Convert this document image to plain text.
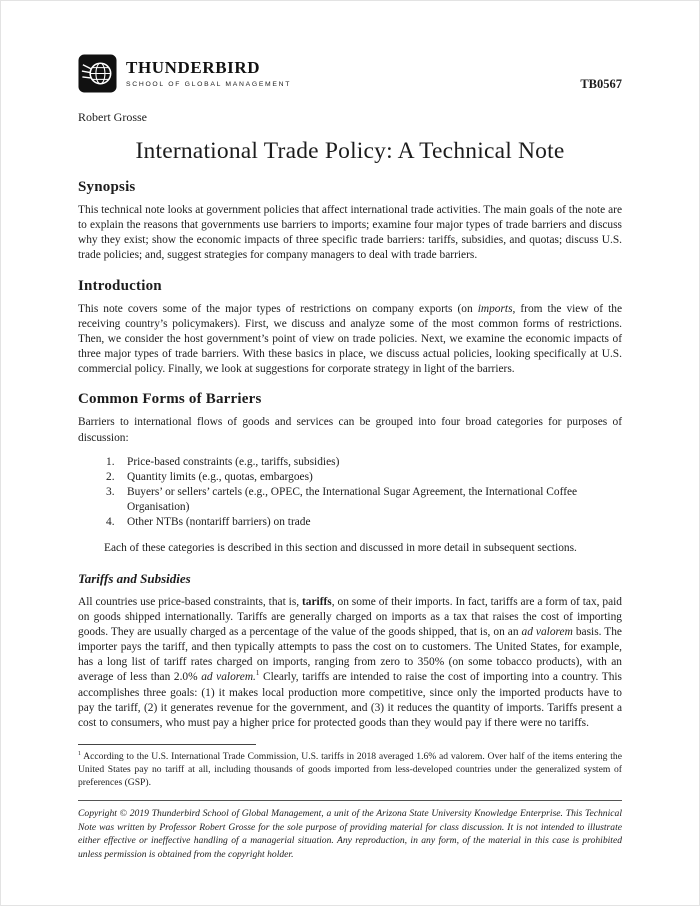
THUNDERBIRD
SCHOOL OF GLOBAL MANAGEMENT	TB0567
Robert Grosse
International Trade Policy: A Technical Note
Synopsis

This technical note looks at government policies that affect international trade activities. The main goals of the note are to explain the reasons that governments use barriers to imports; examine four major types of trade barriers and discuss why they exist; show the economic impacts of three specific trade barriers: tariffs, subsidies, and quotas; discuss U.S. trade policies; and, suggest strategies for company managers to deal with trade barriers.

Introduction

This note covers some of the major types of restrictions on company exports (on imports, from the view of the receiving country’s policymakers). First, we discuss and analyze some of the most common forms of restrictions. Then, we consider the host government’s point of view on trade policies. Next, we examine the economic impacts of three major types of trade barriers. With these basics in place, we discuss actual policies, looking specifically at U.S. commercial policy. Finally, we look at suggestions for corporate strategy in light of the barriers.

Common Forms of Barriers

Barriers to international flows of goods and services can be grouped into four broad categories for purposes of discussion:

1.	Price-based constraints (e.g., tariffs, subsidies)
2.	Quantity limits (e.g., quotas, embargoes)
3.	Buyers’ or sellers’ cartels (e.g., OPEC, the International Sugar Agreement, the International Coffee Organisation)
4.	Other NTBs (nontariff barriers) on trade

Each of these categories is described in this section and discussed in more detail in subsequent sections.

Tariffs and Subsidies

All countries use price-based constraints, that is, tariffs, on some of their imports. In fact, tariffs are a form of tax, paid on goods shipped internationally. Tariffs are generally charged on imports as a tax that raises the cost of importing goods. They are usually charged as a percentage of the value of the goods shipped, that is, on an ad valorem basis. The importer pays the tariff, and then typically attempts to pass the cost on to customers. The United States, for example, has a long list of tariff rates charged on imports, ranging from zero to 350% (on some tobacco products), with an average of less than 2.0% ad valorem.$^1$ Clearly, tariffs are intended to raise the cost of importing into a country. This accomplishes three goals: (1) it makes local production more competitive, since only the imported products have to pay the tariff, (2) it generates revenue for the government, and (3) it reduces the quantity of imports. Tariffs present a cost to consumers, who must pay a higher price for protected goods than they would pay if there were no tariffs.

$^1$ According to the U.S. International Trade Commission, U.S. tariffs in 2018 averaged 1.6% ad valorem. Over half of the items entering the United States pay no tariff at all, including thousands of goods imported from less-developed countries under the generalized system of preferences (GSP).

Copyright © 2019 Thunderbird School of Global Management, a unit of the Arizona State University Knowledge Enterprise. This Technical Note was written by Professor Robert Grosse for the sole purpose of providing material for class discussion. It is not intended to illustrate either effective or ineffective handling of a managerial situation. Any reproduction, in any form, of the material in this case is prohibited unless permission is obtained from the copyright holder.
